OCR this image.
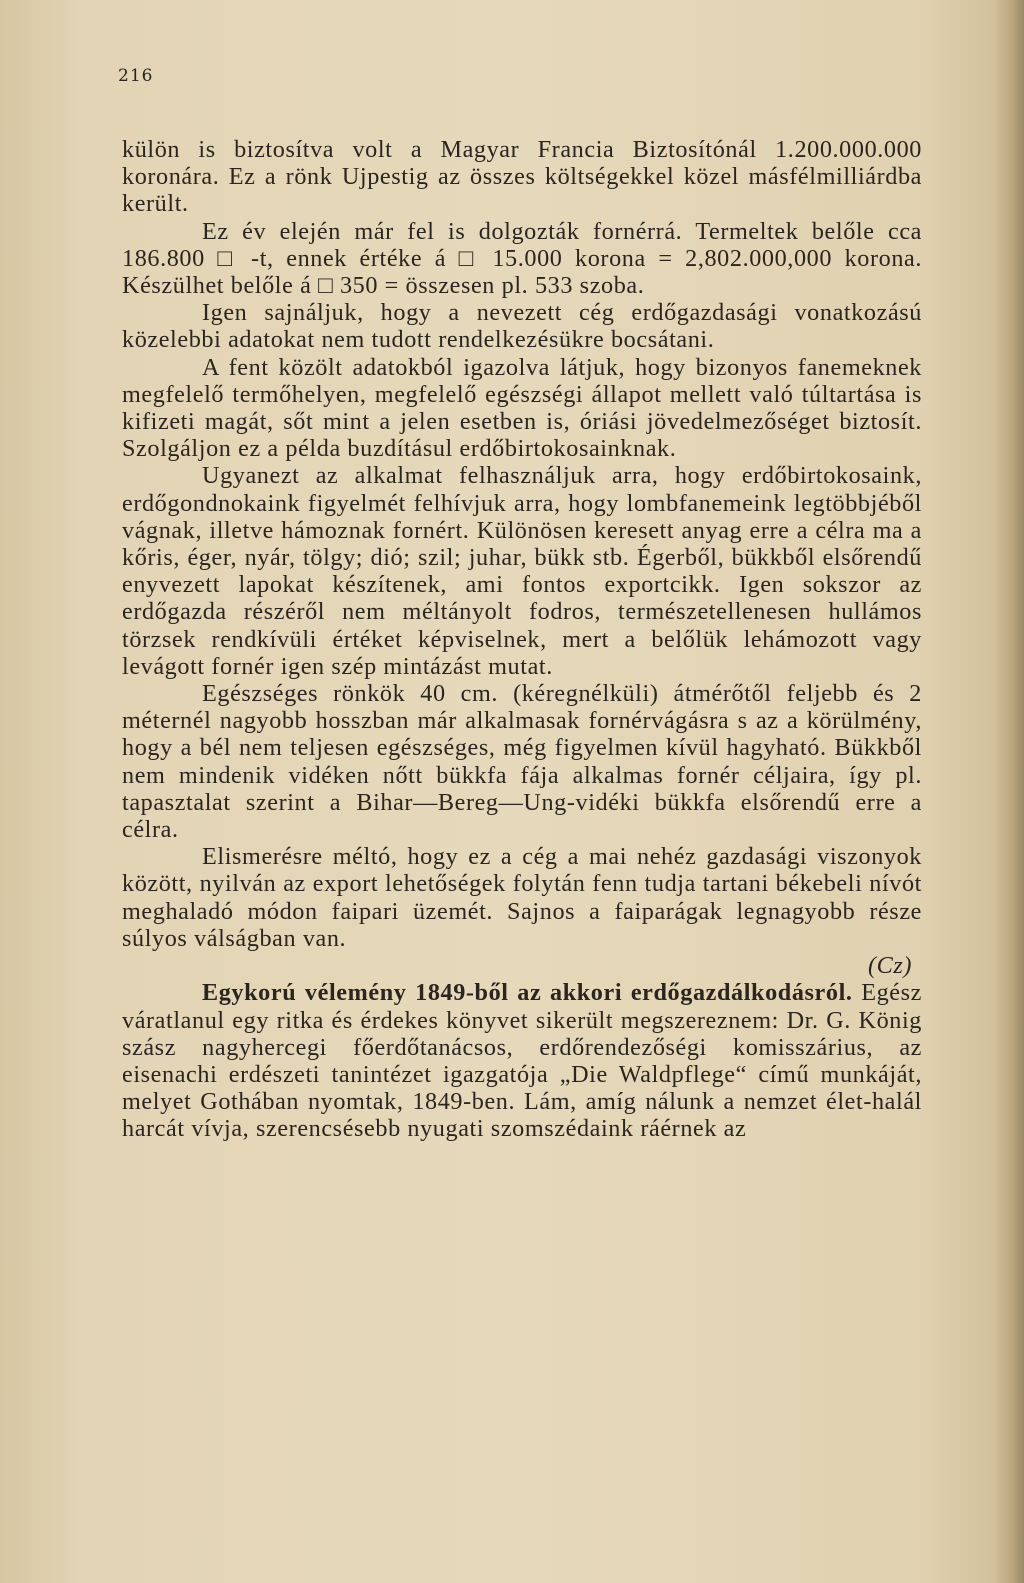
216

külön is biztosítva volt a Magyar Francia Biztosítónál 1.200.000.000 koronára. Ez a rönk Ujpestig az összes költségekkel közel másfélmilliárdba került.

Ez év elején már fel is dolgozták fornérrá. Termeltek belőle cca 186.800 □ -t, ennek értéke á □ 15.000 korona = 2,802.000,000 korona. Készülhet belőle á □ 350 = összesen pl. 533 szoba.

Igen sajnáljuk, hogy a nevezett cég erdőgazdasági vonatkozású közelebbi adatokat nem tudott rendelkezésükre bocsátani.

A fent közölt adatokból igazolva látjuk, hogy bizonyos fanemeknek megfelelő termőhelyen, megfelelő egészségi állapot mellett való túltartása is kifizeti magát, sőt mint a jelen esetben is, óriási jövedelmezőséget biztosít. Szolgáljon ez a példa buzdításul erdőbirtokosainknak.

Ugyanezt az alkalmat felhasználjuk arra, hogy erdőbirtokosaink, erdőgondnokaink figyelmét felhívjuk arra, hogy lombfanemeink legtöbbjéből vágnak, illetve hámoznak fornért. Különösen keresett anyag erre a célra ma a kőris, éger, nyár, tölgy; dió; szil; juhar, bükk stb. Égerből, bükkből elsőrendű enyvezett lapokat készítenek, ami fontos exportcikk. Igen sokszor az erdőgazda részéről nem méltányolt fodros, természetellenesen hullámos törzsek rendkívüli értéket képviselnek, mert a belőlük lehámozott vagy levágott fornér igen szép mintázást mutat.

Egészséges rönkök 40 cm. (kéregnélküli) átmérőtől feljebb és 2 méternél nagyobb hosszban már alkalmasak fornérvágásra s az a körülmény, hogy a bél nem teljesen egészséges, még figyelmen kívül hagyható. Bükkből nem mindenik vidéken nőtt bükkfa fája alkalmas fornér céljaira, így pl. tapasztalat szerint a Bihar—Bereg—Ung-vidéki bükkfa elsőrendű erre a célra.

Elismerésre méltó, hogy ez a cég a mai nehéz gazdasági viszonyok között, nyilván az export lehetőségek folytán fenn tudja tartani békebeli nívót meghaladó módon faipari üzemét. Sajnos a faiparágak legnagyobb része súlyos válságban van.

(Cz)

Egykorú vélemény 1849-ből az akkori erdőgazdálkodásról. Egész váratlanul egy ritka és érdekes könyvet sikerült megszereznem: Dr. G. König szász nagyhercegi főerdőtanácsos, erdőrendezőségi komisszárius, az eisenachi erdészeti tanintézet igazgatója „Die Waldpflege“ című munkáját, melyet Gothában nyomtak, 1849-ben. Lám, amíg nálunk a nemzet élet-halál harcát vívja, szerencsésebb nyugati szomszédaink ráérnek az
